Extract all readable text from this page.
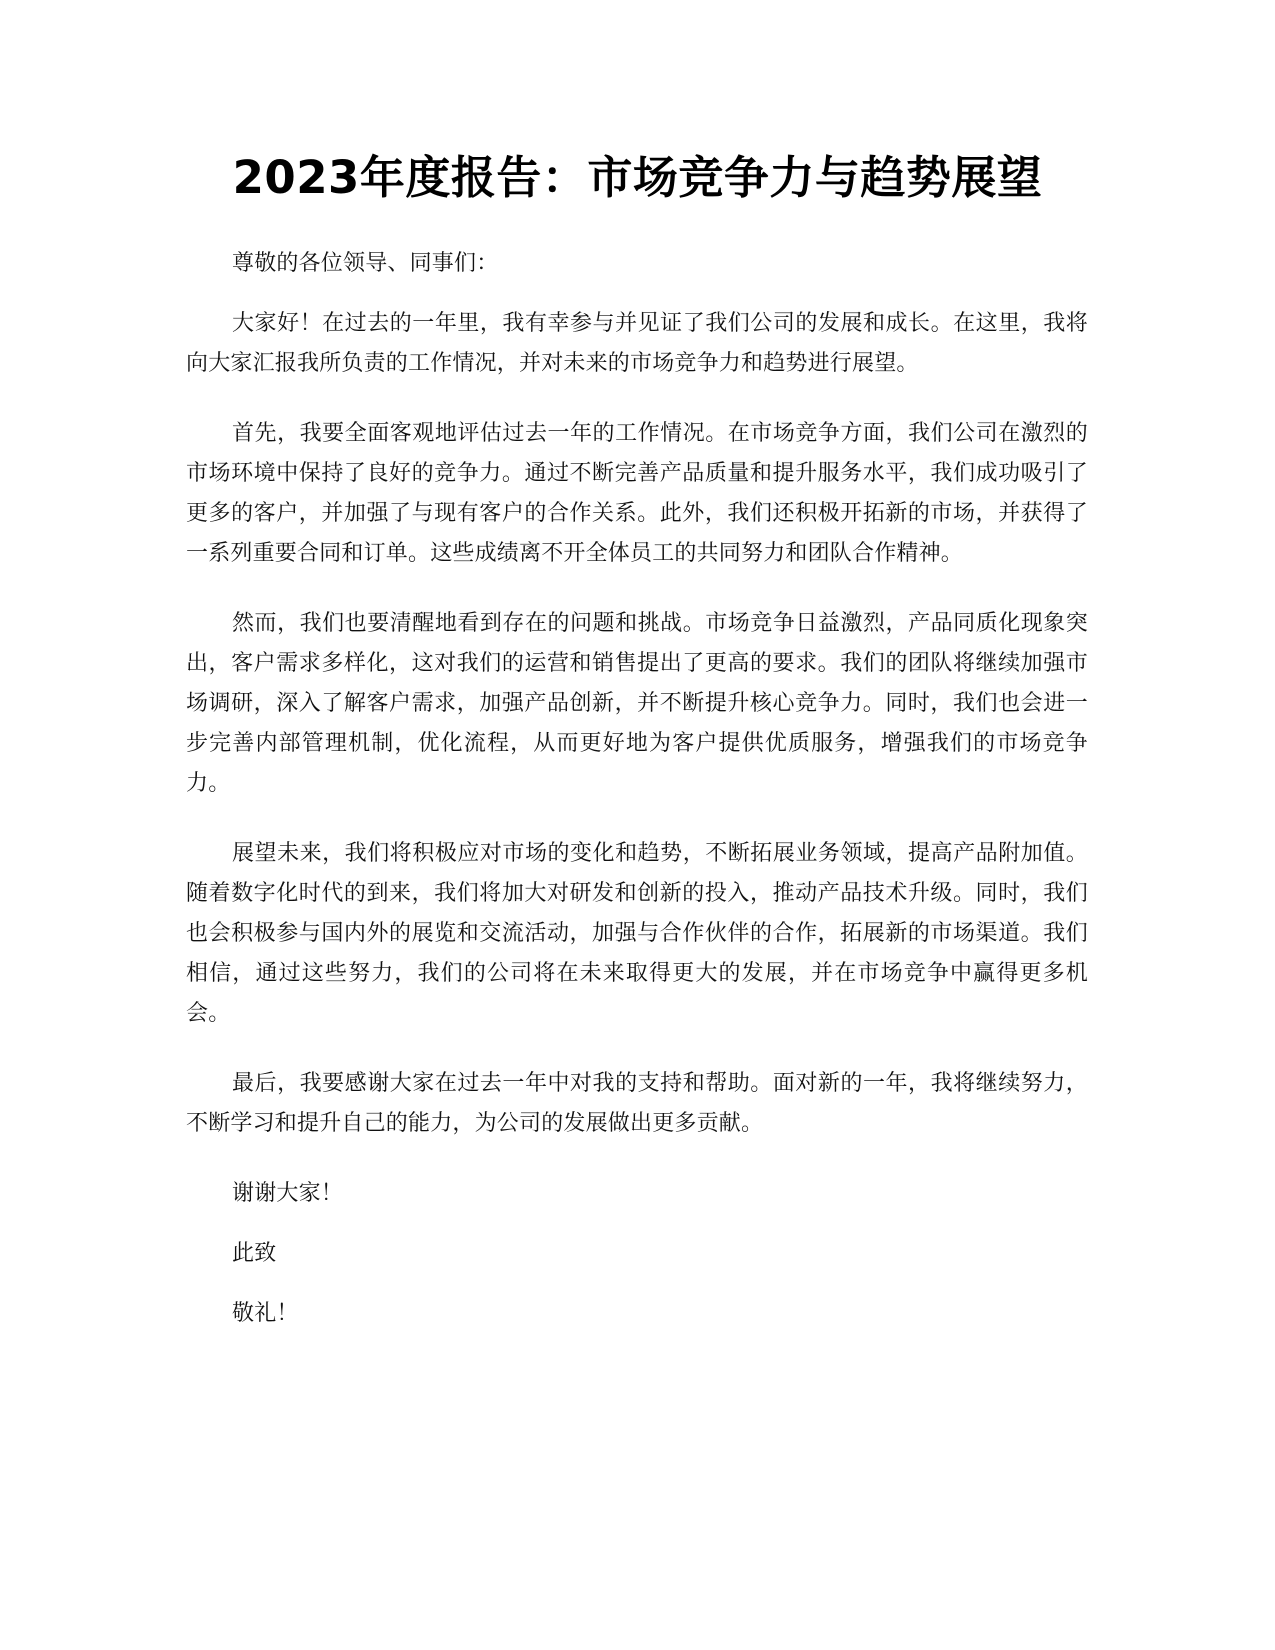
2023年度报告：市场竞争力与趋势展望

尊敬的各位领导、同事们：

大家好！在过去的一年里，我有幸参与并见证了我们公司的发展和成长。在这里，我将向大家汇报我所负责的工作情况，并对未来的市场竞争力和趋势进行展望。

首先，我要全面客观地评估过去一年的工作情况。在市场竞争方面，我们公司在激烈的市场环境中保持了良好的竞争力。通过不断完善产品质量和提升服务水平，我们成功吸引了更多的客户，并加强了与现有客户的合作关系。此外，我们还积极开拓新的市场，并获得了一系列重要合同和订单。这些成绩离不开全体员工的共同努力和团队合作精神。

然而，我们也要清醒地看到存在的问题和挑战。市场竞争日益激烈，产品同质化现象突出，客户需求多样化，这对我们的运营和销售提出了更高的要求。我们的团队将继续加强市场调研，深入了解客户需求，加强产品创新，并不断提升核心竞争力。同时，我们也会进一步完善内部管理机制，优化流程，从而更好地为客户提供优质服务，增强我们的市场竞争力。

展望未来，我们将积极应对市场的变化和趋势，不断拓展业务领域，提高产品附加值。随着数字化时代的到来，我们将加大对研发和创新的投入，推动产品技术升级。同时，我们也会积极参与国内外的展览和交流活动，加强与合作伙伴的合作，拓展新的市场渠道。我们相信，通过这些努力，我们的公司将在未来取得更大的发展，并在市场竞争中赢得更多机会。

最后，我要感谢大家在过去一年中对我的支持和帮助。面对新的一年，我将继续努力，不断学习和提升自己的能力，为公司的发展做出更多贡献。

谢谢大家！

此致

敬礼！
